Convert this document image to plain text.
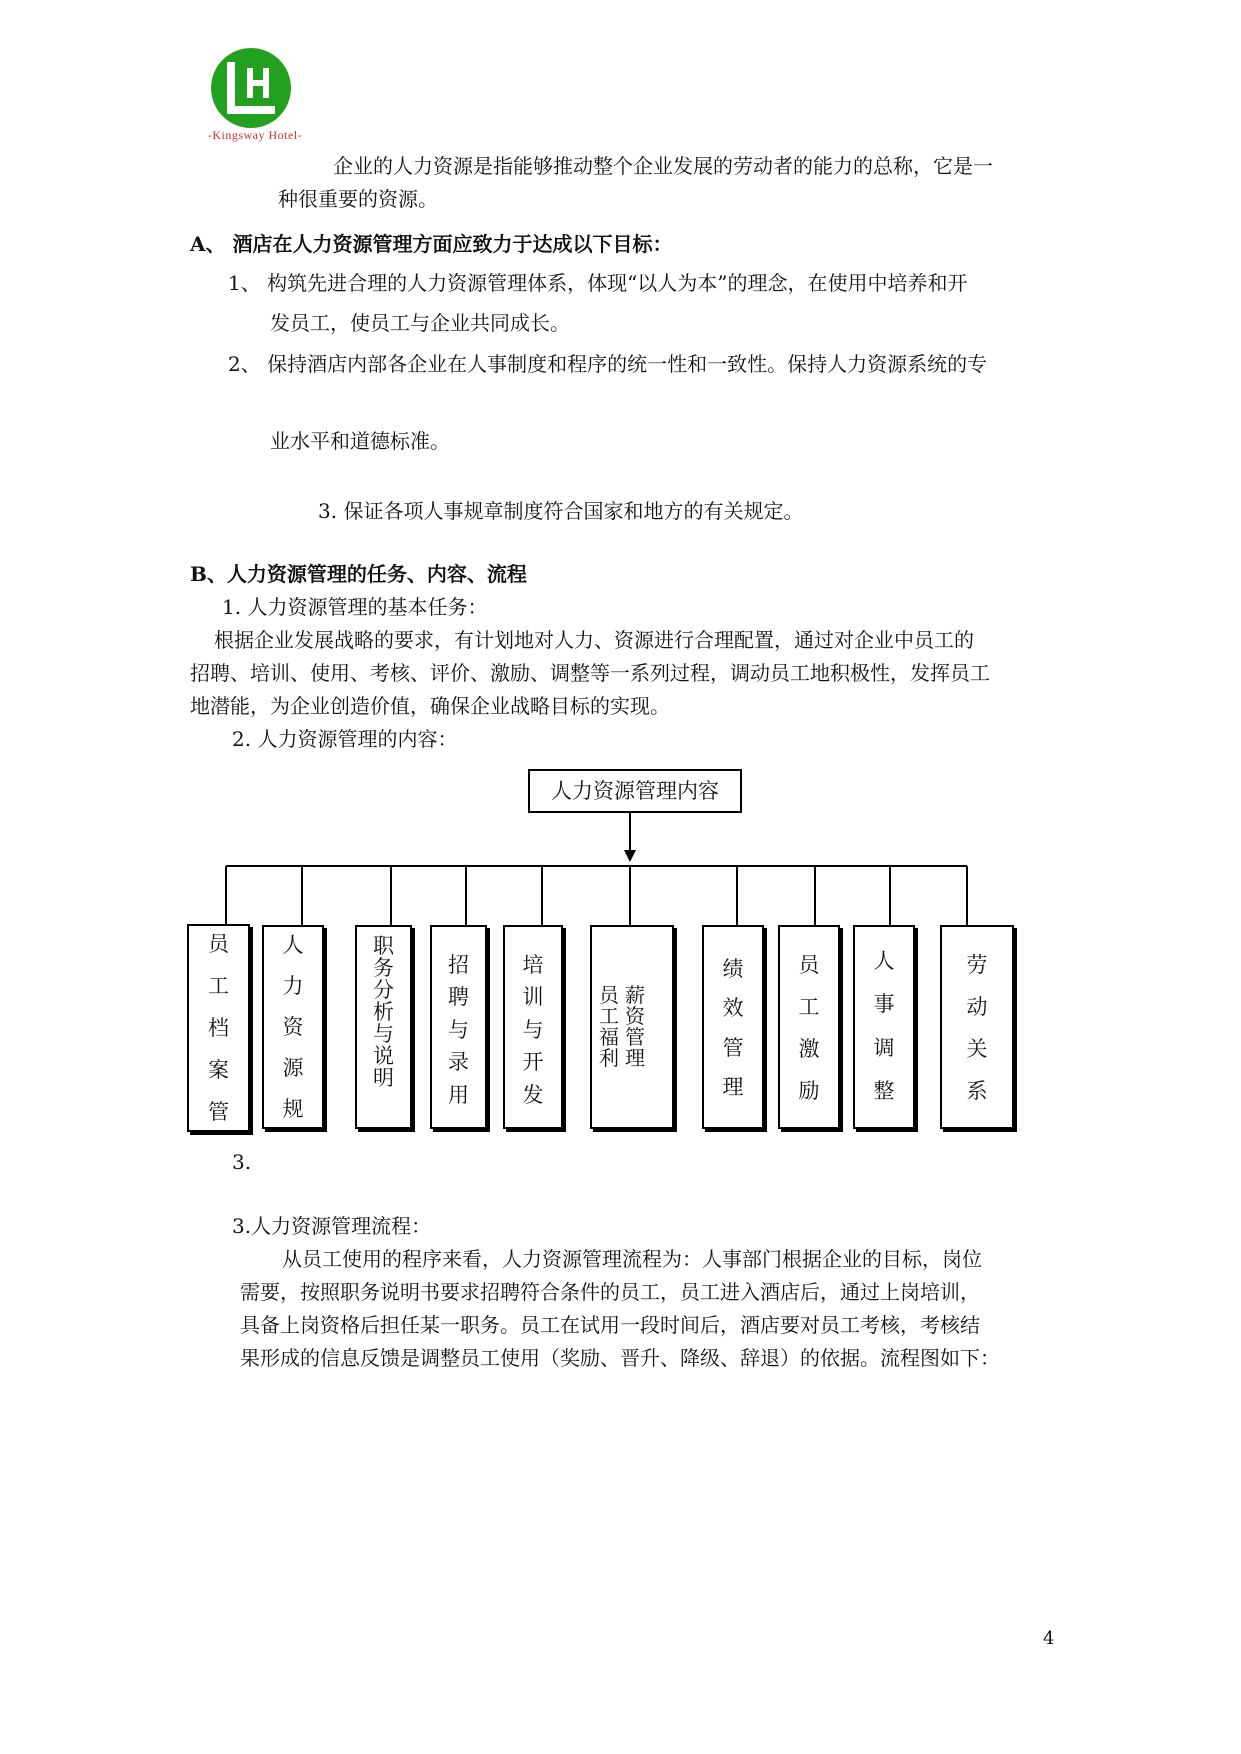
-Kingsway Hotel-
企业的人力资源是指能够推动整个企业发展的劳动者的能力的总称，它是一
种很重要的资源。
A、 酒店在人力资源管理方面应致力于达成以下目标：
1、 构筑先进合理的人力资源管理体系，体现“以人为本”的理念，在使用中培养和开
发员工，使员工与企业共同成长。
2、 保持酒店内部各企业在人事制度和程序的统一性和一致性。保持人力资源系统的专
业水平和道德标准。
3. 保证各项人事规章制度符合国家和地方的有关规定。
B、人力资源管理的任务、内容、流程
1. 人力资源管理的基本任务：
根据企业发展战略的要求，有计划地对人力、资源进行合理配置，通过对企业中员工的
招聘、培训、使用、考核、评价、激励、调整等一系列过程，调动员工地积极性，发挥员工
地潜能，为企业创造价值，确保企业战略目标的实现。
2. 人力资源管理的内容：
人力资源管理内容
员
工
档
案
管
人
力
资
源
规
职
务
分
析
与
说
明
招
聘
与
录
用
培
训
与
开
发
薪
资
管
理
员
工
福
利
绩
效
管
理
员
工
激
励
人
事
调
整
劳
动
关
系
3.
3.人力资源管理流程：
从员工使用的程序来看，人力资源管理流程为：人事部门根据企业的目标，岗位
需要，按照职务说明书要求招聘符合条件的员工，员工进入酒店后，通过上岗培训，
具备上岗资格后担任某一职务。员工在试用一段时间后，酒店要对员工考核，考核结
果形成的信息反馈是调整员工使用（奖励、晋升、降级、辞退）的依据。流程图如下：
4
